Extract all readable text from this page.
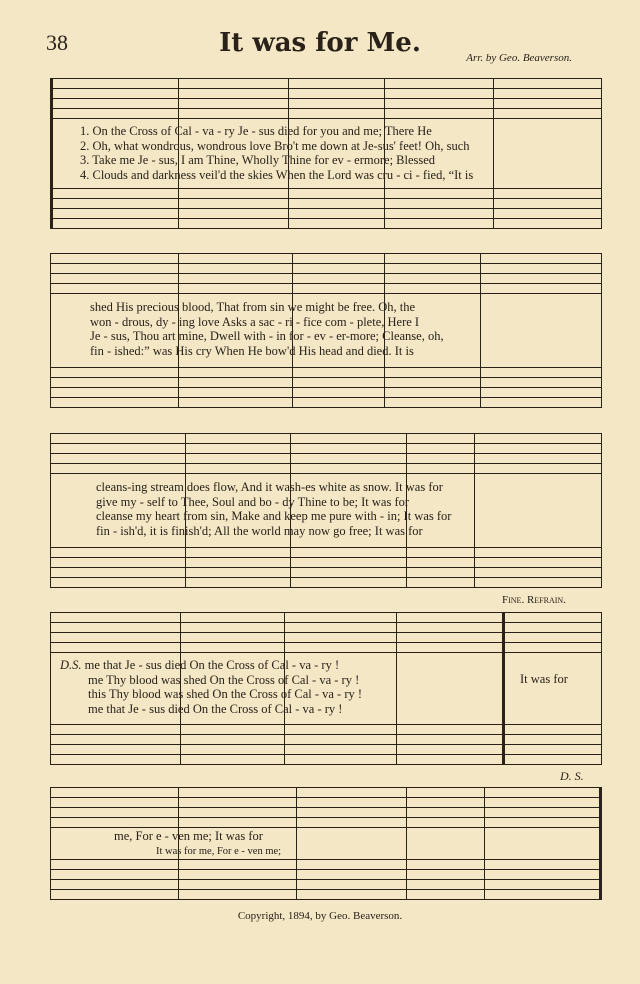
38	It was for Me.	Arr. by Geo. Beaverson.
1. On the Cross of Cal - va - ry Je - sus died for you and me; There He
2. Oh, what wondrous, wondrous love Bro't me down at Je-sus' feet! Oh, such
3. Take me Je - sus, I am Thine, Wholly Thine for ev - ermore; Blessed
4. Clouds and darkness veil'd the skies When the Lord was cru - ci - fied, “It is
shed His precious blood, That from sin we might be free. Oh, the
won - drous, dy - ing love Asks a sac - ri - fice com - plete, Here I
Je - sus, Thou art mine, Dwell with - in for - ev - er-more; Cleanse, oh,
fin - ished:” was His cry When He bow'd His head and died. It is
cleans-ing stream does flow, And it wash-es white as snow. It was for
give my - self to Thee, Soul and bo - dy Thine to be; It was for
cleanse my heart from sin, Make and keep me pure with - in; It was for
fin - ish'd, it is finish'd; All the world may now go free; It was for
Fine. Refrain.
D.S. me that Je - sus died On the Cross of Cal - va - ry !
me Thy blood was shed On the Cross of Cal - va - ry !
this Thy blood was shed On the Cross of Cal - va - ry !
me that Je - sus died On the Cross of Cal - va - ry !
It was for
D. S.
me, For e - ven me; It was for
It was for me, For e - ven me;
Copyright, 1894, by Geo. Beaverson.
